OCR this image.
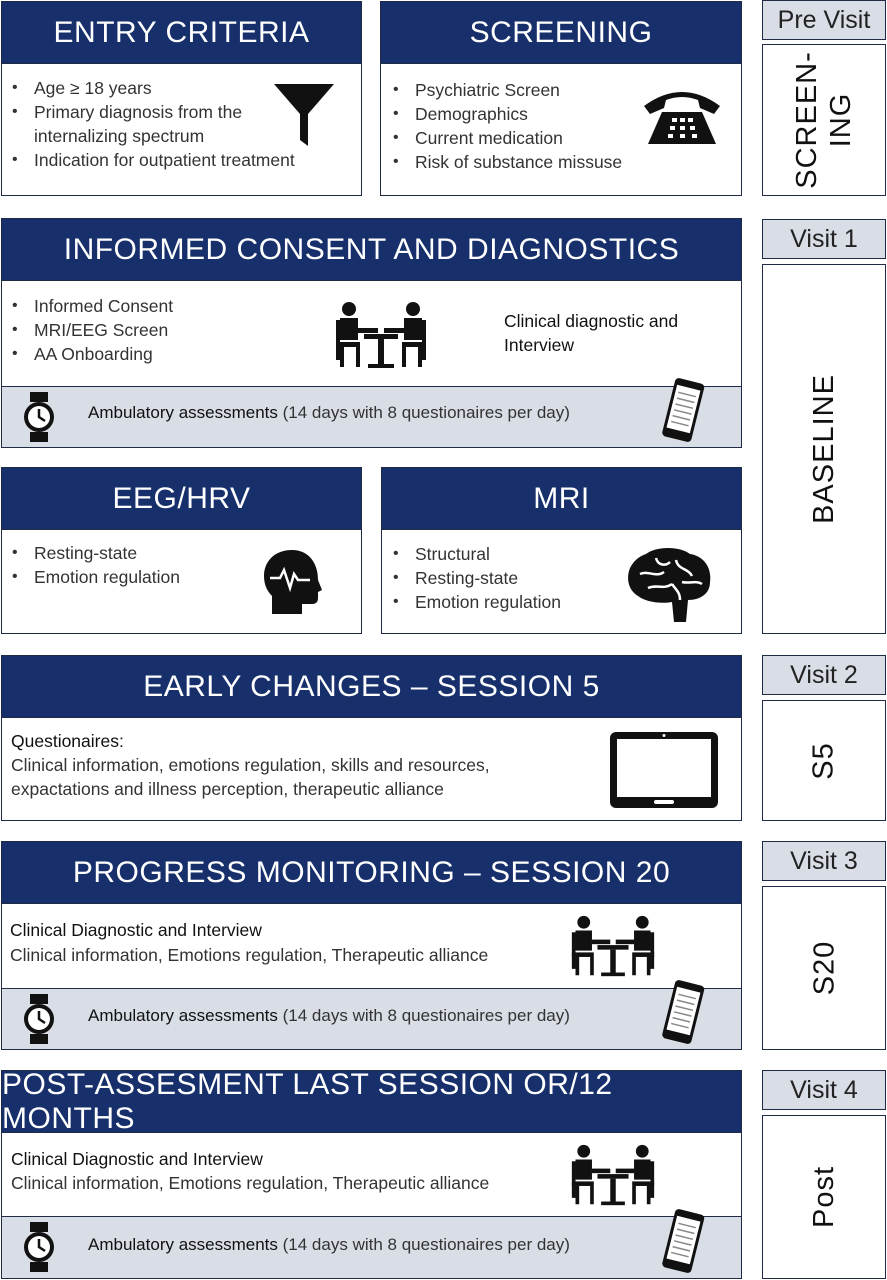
ENTRY CRITERIA
• Age ≥ 18 years
• Primary diagnosis from the internalizing spectrum
• Indication for outpatient treatment
SCREENING
• Psychiatric Screen
• Demographics
• Current medication
• Risk of substance missuse
INFORMED CONSENT AND DIAGNOSTICS
• Informed Consent
• MRI/EEG Screen
• AA Onboarding
Clinical diagnostic and Interview
Ambulatory assessments (14 days with 8 questionaires per day)
EEG/HRV
• Resting-state
• Emotion regulation
MRI
• Structural
• Resting-state
• Emotion regulation
EARLY CHANGES – SESSION 5
Questionaires:
Clinical information, emotions regulation, skills and resources, expactations and illness perception, therapeutic alliance
PROGRESS MONITORING – SESSION 20
Clinical Diagnostic and Interview
Clinical information, Emotions regulation, Therapeutic alliance
Ambulatory assessments (14 days with 8 questionaires per day)
POST-ASSESMENT LAST SESSION OR/12 MONTHS
Clinical Diagnostic and Interview
Clinical information, Emotions regulation, Therapeutic alliance
Ambulatory assessments (14 days with 8 questionaires per day)
Pre Visit
SCREEN- ING
Visit 1
BASELINE
Visit 2
S5
Visit 3
S20
Visit 4
Post
